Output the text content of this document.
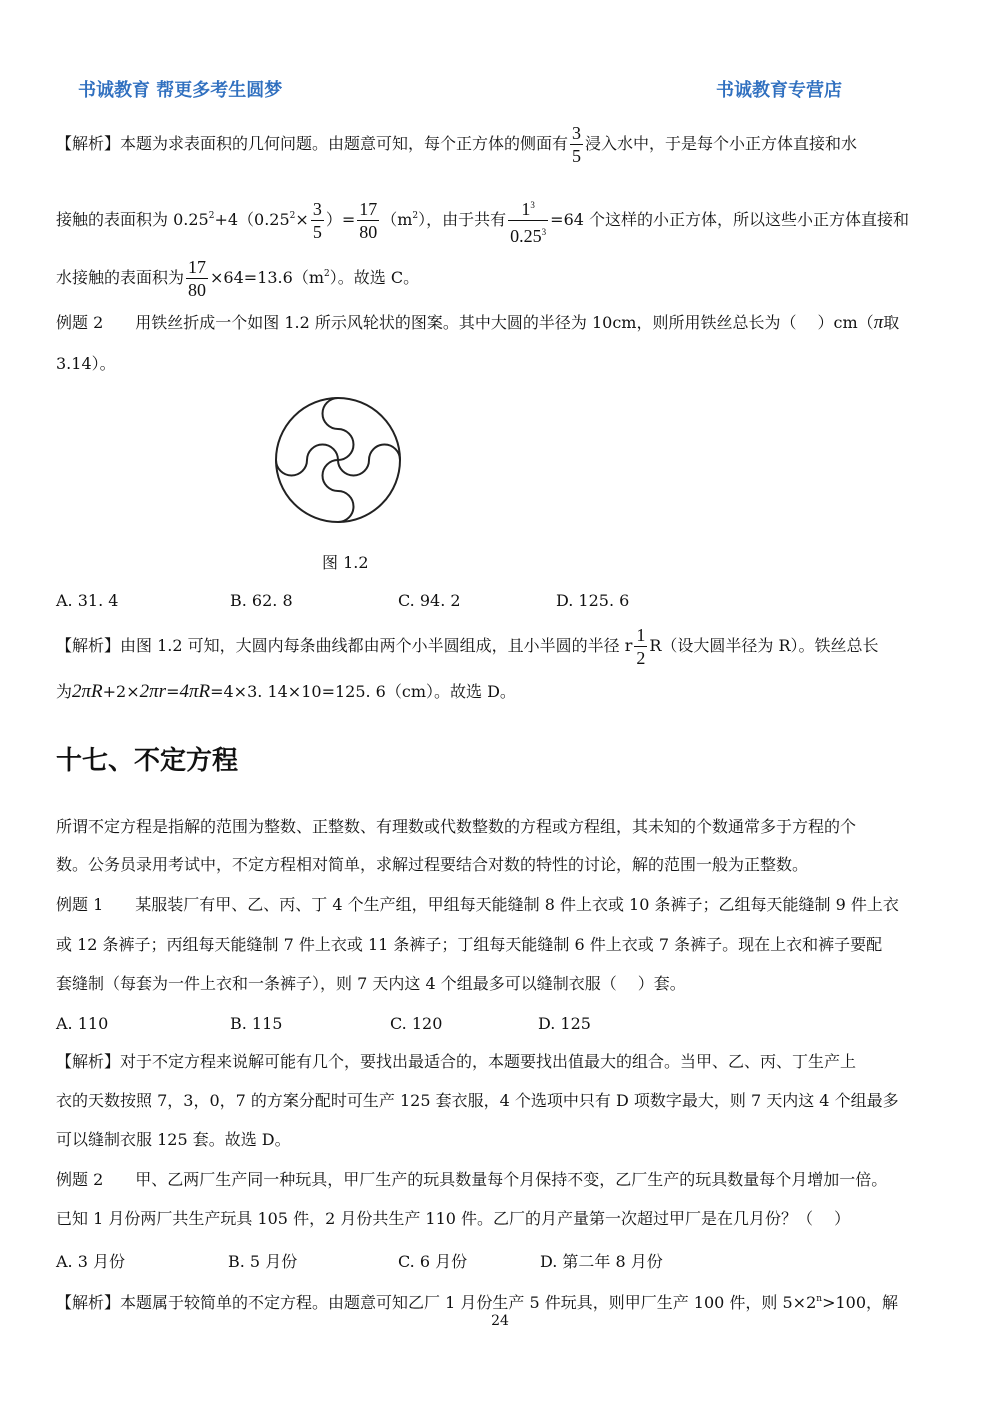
书诚教育 帮更多考生圆梦	书诚教育专营店
【解析】本题为求表面积的几何问题。由题意可知，每个正方体的侧面有 $\frac{3}{5}$ 浸入水中，于是每个小正方体直接和水
接触的表面积为 $0.25^2+4(0.25^2\times \frac{3}{5}$ ）= $\frac{17}{80} (m^2)$，由于共有 $\frac{1^3}{0.25^3} =64$ 个这样的小正方体，所以这些小正方体直接和
水接触的表面积为 $\frac{17}{80} \times 64=13.6(m^2)$。故选 C。
例题 2　　用铁丝折成一个如图 1.2 所示风轮状的图案。其中大圆的半径为 10cm，则所用铁丝总长为（　 ）cm（π取
3.14）。
图 1.2
A. 31. 4	B. 62. 8	C. 94. 2	D. 125. 6
【解析】由图 1.2 可知，大圆内每条曲线都由两个小半圆组成，且小半圆的半径 r $\frac{1}{2} R$（设大圆半径为 R）。铁丝总长
为2πR+2×2πr=4πR=4×3. 14×10=125. 6（cm）。故选 D。
十七、不定方程
所谓不定方程是指解的范围为整数、正整数、有理数或代数整数的方程或方程组，其未知的个数通常多于方程的个
数。公务员录用考试中，不定方程相对简单，求解过程要结合对数的特性的讨论，解的范围一般为正整数。
例题 1　　某服装厂有甲、乙、丙、丁 4 个生产组，甲组每天能缝制 8 件上衣或 10 条裤子；乙组每天能缝制 9 件上衣
或 12 条裤子；丙组每天能缝制 7 件上衣或 11 条裤子；丁组每天能缝制 6 件上衣或 7 条裤子。现在上衣和裤子要配
套缝制（每套为一件上衣和一条裤子），则 7 天内这 4 个组最多可以缝制衣服（　 ）套。
A. 110	B. 115	C. 120	D. 125
【解析】对于不定方程来说解可能有几个，要找出最适合的，本题要找出值最大的组合。当甲、乙、丙、丁生产上
衣的天数按照 7，3，0，7 的方案分配时可生产 125 套衣服，4 个选项中只有 D 项数字最大，则 7 天内这 4 个组最多
可以缝制衣服 125 套。故选 D。
例题 2　　甲、乙两厂生产同一种玩具，甲厂生产的玩具数量每个月保持不变，乙厂生产的玩具数量每个月增加一倍。
已知 1 月份两厂共生产玩具 105 件，2 月份共生产 110 件。乙厂的月产量第一次超过甲厂是在几月份？（　 ）
A. 3 月份	B. 5 月份	C. 6 月份	D. 第二年 8 月份
【解析】本题属于较简单的不定方程。由题意可知乙厂 1 月份生产 5 件玩具，则甲厂生产 100 件，则 $5\times 2^n>100$，解
24
